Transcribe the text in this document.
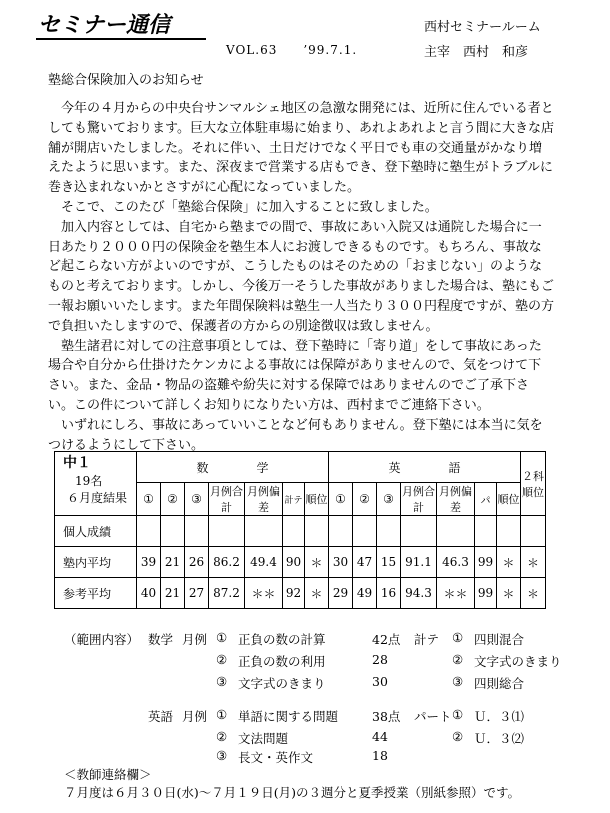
セミナー通信	西村セミナールーム
VOL.63　　’99.7.1.	主宰　西村　和彦
塾総合保険加入のお知らせ

今年の４月からの中央台サンマルシェ地区の急激な開発には、近所に住んでいる者としても驚いております。巨大な立体駐車場に始まり、あれよあれよと言う間に大きな店舗が開店いたしました。それに伴い、土日だけでなく平日でも車の交通量がかなり増えたように思います。また、深夜まで営業する店もでき、登下塾時に塾生がトラブルに巻き込まれないかとさすがに心配になっていました。

そこで、このたび「塾総合保険」に加入することに致しました。

加入内容としては、自宅から塾までの間で、事故にあい入院又は通院した場合に一日あたり２０００円の保険金を塾生本人にお渡しできるものです。もちろん、事故など起こらない方がよいのですが、こうしたものはそのための「おまじない」のようなものと考えております。しかし、今後万一そうした事故がありました場合は、塾にもご一報お願いいたします。また年間保険料は塾生一人当たり３００円程度ですが、塾の方で負担いたしますので、保護者の方からの別途徴収は致しません。

塾生諸君に対しての注意事項としては、登下塾時に「寄り道」をして事故にあった場合や自分から仕掛けたケンカによる事故には保障がありませんので、気をつけて下さい。また、金品・物品の盗難や紛失に対する保障ではありませんのでご了承下さい。この件について詳しくお知りになりたい方は、西村までご連絡下さい。

いずれにしろ、事故にあっていいことなど何もありません。登下塾には本当に気をつけるようにして下さい。

中１
19名
６月度結果	数　　　　学							英　　　　語							２科順位
	①	②	③	月例合計	月例偏差	計テ	順位	①	②	③	月例合計	月例偏差	パ	順位	
個人成績															
塾内平均	39	21	26	86.2	49.4	90	＊	30	47	15	91.1	46.3	99	＊	＊
参考平均	40	21	27	87.2	＊＊	92	＊	29	49	16	94.3	＊＊	99	＊	＊
（範囲内容） 数学 月例 ① 正負の数の計算	42点 計テ ① 四則混合
② 正負の数の利用	28	② 文字式のきまり
③ 文字式のきまり	30	③ 四則総合
英語 月例 ① 単語に関する問題	38点 パート ① Ｕ．３⑴
② 文法問題	44	② Ｕ．３⑵
③ 長文・英作文	18
＜教師連絡欄＞
７月度は６月３０日(水)～７月１９日(月)の３週分と夏季授業（別紙参照）です。
